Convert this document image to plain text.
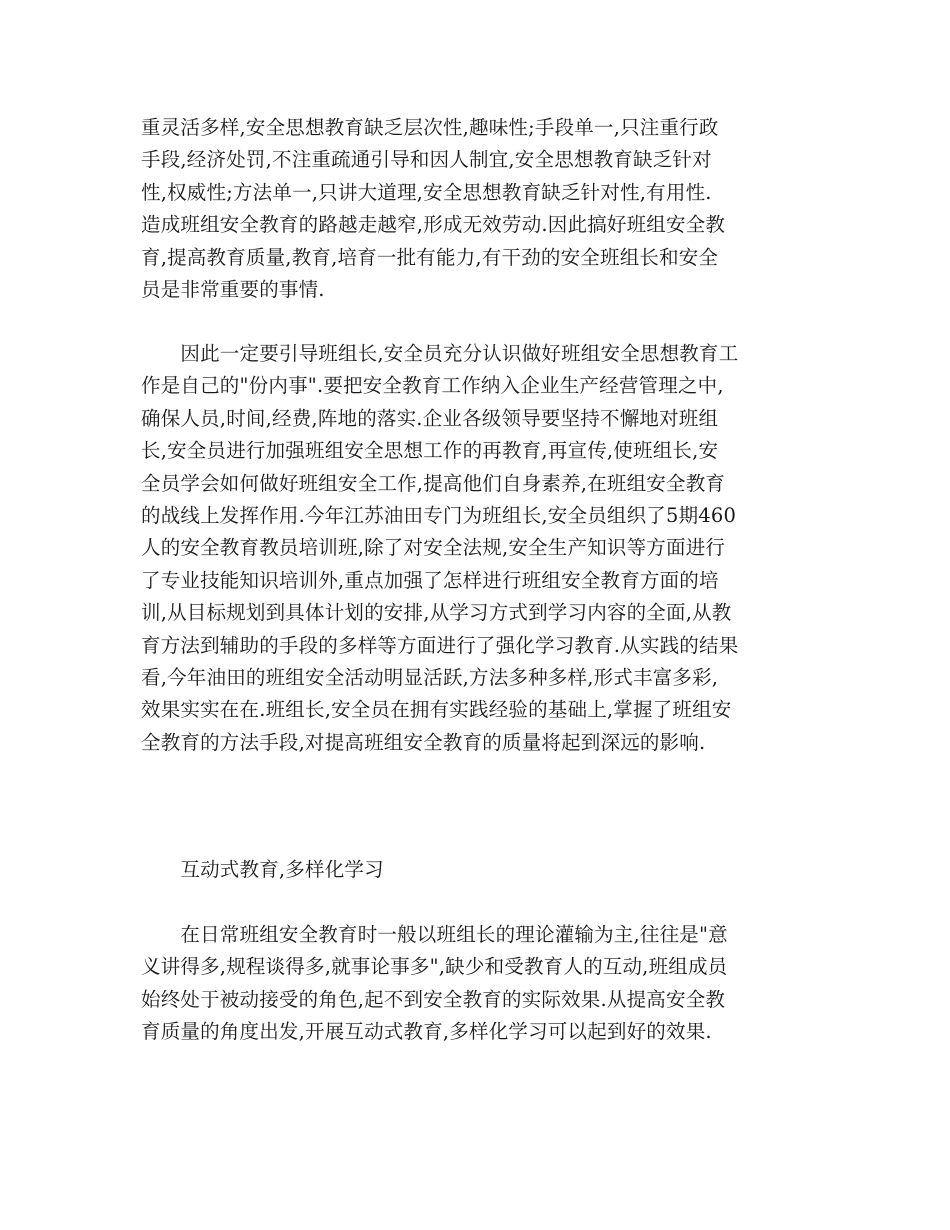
重灵活多样,安全思想教育缺乏层次性,趣味性;手段单一,只注重行政
手段,经济处罚,不注重疏通引导和因人制宜,安全思想教育缺乏针对
性,权威性;方法单一,只讲大道理,安全思想教育缺乏针对性,有用性.
造成班组安全教育的路越走越窄,形成无效劳动.因此搞好班组安全教
育,提高教育质量,教育,培育一批有能力,有干劲的安全班组长和安全
员是非常重要的事情.
　　因此一定要引导班组长,安全员充分认识做好班组安全思想教育工
作是自己的"份内事".要把安全教育工作纳入企业生产经营管理之中,
确保人员,时间,经费,阵地的落实.企业各级领导要坚持不懈地对班组
长,安全员进行加强班组安全思想工作的再教育,再宣传,使班组长,安
全员学会如何做好班组安全工作,提高他们自身素养,在班组安全教育
的战线上发挥作用.今年江苏油田专门为班组长,安全员组织了5期460
人的安全教育教员培训班,除了对安全法规,安全生产知识等方面进行
了专业技能知识培训外,重点加强了怎样进行班组安全教育方面的培
训,从目标规划到具体计划的安排,从学习方式到学习内容的全面,从教
育方法到辅助的手段的多样等方面进行了强化学习教育.从实践的结果
看,今年油田的班组安全活动明显活跃,方法多种多样,形式丰富多彩,
效果实实在在.班组长,安全员在拥有实践经验的基础上,掌握了班组安
全教育的方法手段,对提高班组安全教育的质量将起到深远的影响.
　　互动式教育,多样化学习
　　在日常班组安全教育时一般以班组长的理论灌输为主,往往是"意
义讲得多,规程谈得多,就事论事多",缺少和受教育人的互动,班组成员
始终处于被动接受的角色,起不到安全教育的实际效果.从提高安全教
育质量的角度出发,开展互动式教育,多样化学习可以起到好的效果.
